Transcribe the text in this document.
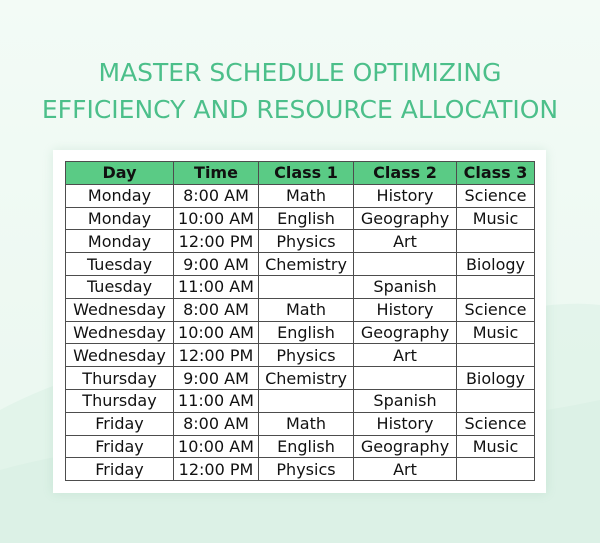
MASTER SCHEDULE OPTIMIZING
EFFICIENCY AND RESOURCE ALLOCATION
Day	Time	Class 1	Class 2	Class 3
Monday	8:00 AM	Math	History	Science
Monday	10:00 AM	English	Geography	Music
Monday	12:00 PM	Physics	Art	
Tuesday	9:00 AM	Chemistry		Biology
Tuesday	11:00 AM		Spanish	
Wednesday	8:00 AM	Math	History	Science
Wednesday	10:00 AM	English	Geography	Music
Wednesday	12:00 PM	Physics	Art	
Thursday	9:00 AM	Chemistry		Biology
Thursday	11:00 AM		Spanish	
Friday	8:00 AM	Math	History	Science
Friday	10:00 AM	English	Geography	Music
Friday	12:00 PM	Physics	Art	
